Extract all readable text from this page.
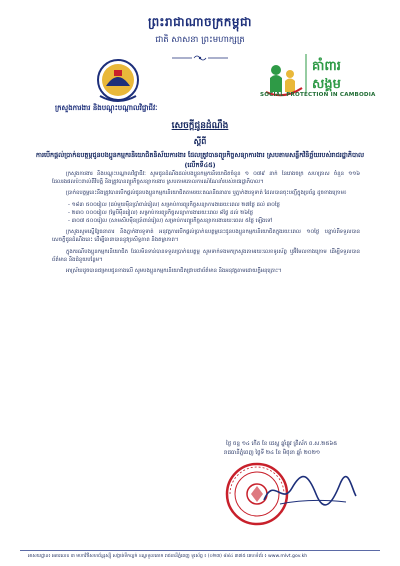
ព្រះរាជាណាចក្រកម្ពុជា
ជាតិ សាសនា ព្រះមហាក្សត្រ
ក្រសួងការងារ និងបណ្តុះបណ្តាលវិជ្ជាជីវៈ
គាំពារ
សង្គម
SOCIAL PROTECTION IN CAMBODIA
សេចក្តីជូនដំណឹង
ស្តីពី
ការបើកផ្តល់ប្រាក់ឧបត្ថម្ភជូនបងប្អូនកម្មករនិយោជិតនិស័យការងារ ដែលត្រូវបានព្យួរកិច្ចសន្យាការងារ ស្របតាមសន្លឹកវិនិច្ឆ័យរបស់រាជរដ្ឋាភិបាល (លើកទី៤៥)

ក្រសួងការងារ និងបណ្តុះបណ្តាលវិជ្ជាជីវៈ សូមជូនដំណឹងដល់បងប្អូនកម្មករនិយោជិតចំនួន ១ ០៧៩ នាក់ នៃរោងចក្រ សហគ្រាស ចំនួន ១១៦ ដែលរងផលប៉ះពាល់ពីវិបត្តិ និងត្រូវបានព្យួរកិច្ចសន្យាការងារ ស្របតាមគោលការណ៍ណែនាំរបស់រាជរដ្ឋាភិបាល។

ប្រាក់ឧបត្ថម្ភនេះនឹងត្រូវបានបើកផ្តល់ជូនបងប្អូនកម្មករនិយោជិតតាមរយៈគណនីធនាគារ ឬភ្នាក់ងារទូទាត់ ដែលបានចុះបញ្ជីក្នុងប្រព័ន្ធ ដូចខាងក្រោម៖

- ១៨៣ ៥០០រៀល (ដប់មួយម៉ឺនប្រាំពាន់រៀល) សម្រាប់ការព្យួរកិច្ចសន្យាការងាររយៈពេល ២៧ថ្ងៃ ដល់ ៣០ថ្ងៃ
- ២៣០ ០០០រៀល (ម្ភៃបីម៉ឺនរៀល) សម្រាប់ការព្យួរកិច្ចសន្យាការងាររយៈពេល ៨ថ្ងៃ ដល់ ២៦ថ្ងៃ
- ៣០៧ ៥០០រៀល (សាមសិបម៉ឺនប្រាំពាន់រៀល) សម្រាប់ការព្យួរកិច្ចសន្យាការងាររយៈពេល ៥ថ្ងៃ ឡើងទៅ

ក្រសួងសូមស្នើឱ្យធនាគារ និងភ្នាក់ងារទូទាត់ អនុវត្តការបើកផ្តល់ប្រាក់ឧបត្ថម្ភនេះជូនបងប្អូនកម្មករនិយោជិតក្នុងរយៈពេល ១០ថ្ងៃ បន្ទាប់ពីទទួលបានសេចក្តីជូនដំណឹងនេះ ដើម្បីធានាបាននូវប្រសិទ្ធភាព និងតម្លាភាព។

ក្នុងករណីបងប្អូនកម្មករនិយោជិត ដែលមិនទាន់បានទទួលប្រាក់ឧបត្ថម្ភ សូមទាក់ទងមកក្រសួងតាមរយៈលេខទូរស័ព្ទ ឬអ៊ីមែលខាងក្រោម ដើម្បីទទួលបានព័ត៌មាន និងជំនួយបន្ថែម។

អាស្រ័យដូចបានជម្រាបជូនខាងលើ សូមបងប្អូនកម្មករនិយោជិតជ្រាបជាព័ត៌មាន និងអនុវត្តតាមដោយក្តីអនុគ្រោះ។

ថ្ងៃ ចន្ទ ១៤ កើត ខែ ជេស្ឋ ឆ្នាំឆ្លូវ ត្រីស័ក ព.ស.២៥៦៥
រាជធានីភ្នំពេញ ថ្ងៃទី ២៤ ខែ មិថុនា ឆ្នាំ ២០២១
អាសយដ្ឋាន៖ អគារលេខ ៣ មហាវិថីសហព័ន្ធរុស្ស៊ី សង្កាត់ទឹកល្អក់ ខណ្ឌទួលគោក រាជធានីភ្នំពេញ ទូរស័ព្ទ ៖ (០២៣) ៨៨៤ ៣៧៥ គេហទំព័រ ៖ www.mlvt.gov.kh
